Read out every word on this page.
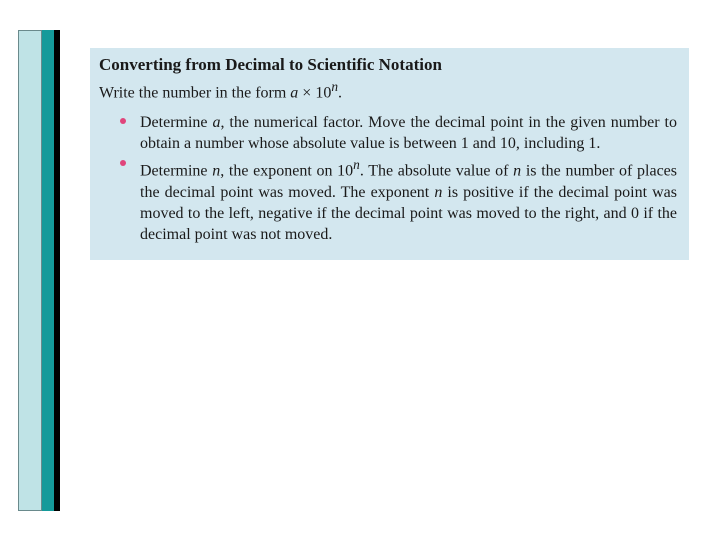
Converting from Decimal to Scientific Notation

Write the number in the form $a \times 10^n$.

Determine a, the numerical factor. Move the decimal point in the given number to obtain a number whose absolute value is between 1 and 10, including 1.
Determine n, the exponent on 10$^n$. The absolute value of n is the number of places the decimal point was moved. The exponent n is positive if the decimal point was moved to the left, negative if the decimal point was moved to the right, and 0 if the decimal point was not moved.
